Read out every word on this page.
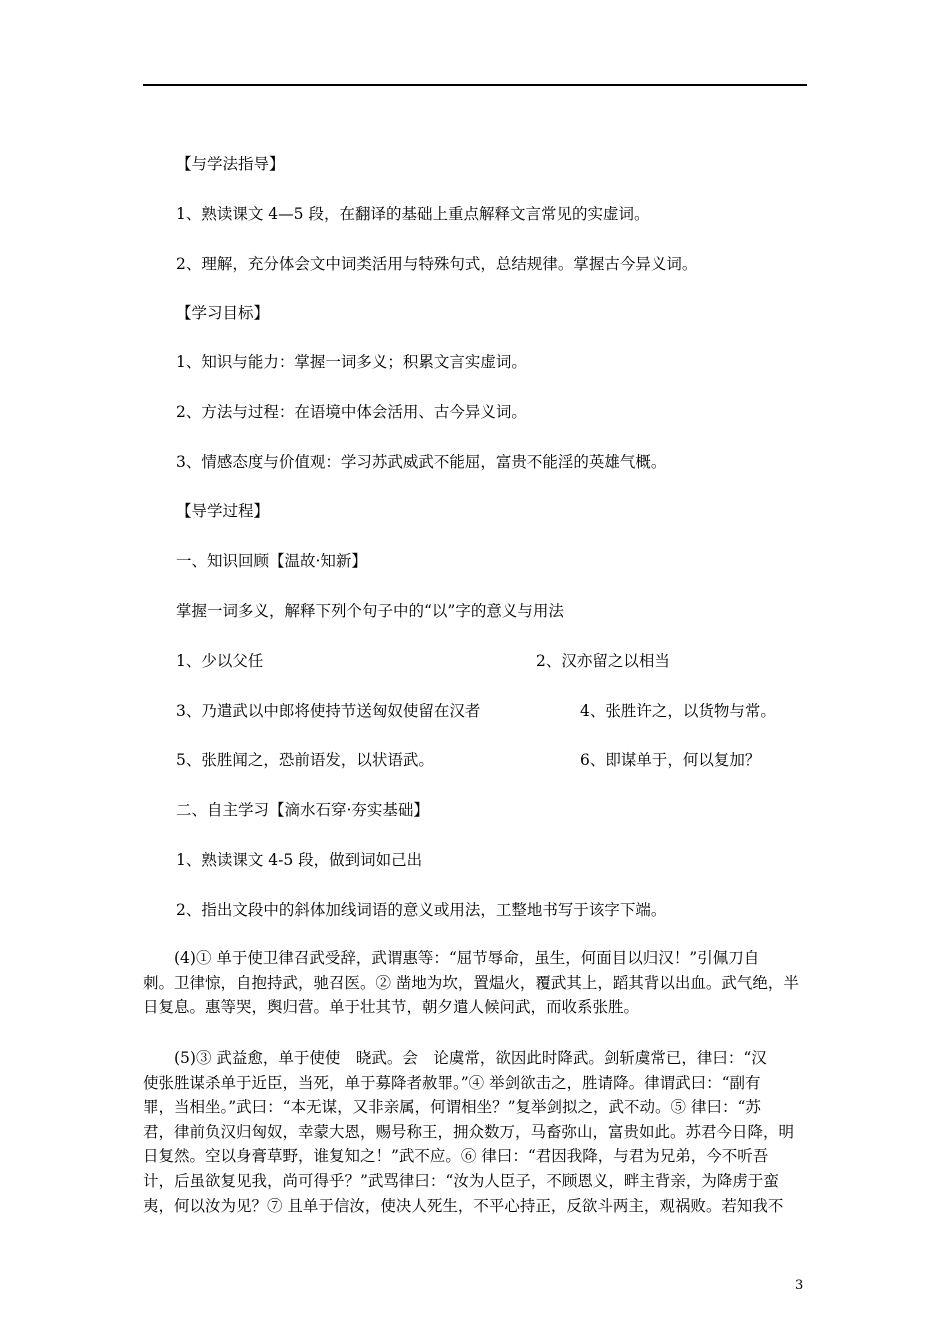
【与学法指导】
1、熟读课文 4—5 段，在翻译的基础上重点解释文言常见的实虚词。
2、理解，充分体会文中词类活用与特殊句式，总结规律。掌握古今异义词。
【学习目标】
1、知识与能力：掌握一词多义；积累文言实虚词。
2、方法与过程：在语境中体会活用、古今异义词。
3、情感态度与价值观：学习苏武威武不能屈，富贵不能淫的英雄气概。
【导学过程】
一、知识回顾【温故·知新】
掌握一词多义，解释下列个句子中的“以”字的意义与用法
1、少以父任	2、汉亦留之以相当
3、乃遣武以中郎将使持节送匈奴使留在汉者	4、张胜许之，以货物与常。
5、张胜闻之，恐前语发，以状语武。	6、即谋单于，何以复加？
二、自主学习【滴水石穿·夯实基础】
1、熟读课文 4-5 段，做到词如己出
2、指出文段中的斜体加线词语的意义或用法，工整地书写于该字下端。
　　(4)① 单于使卫律召武受辞，武谓惠等：“屈节辱命，虽生，何面目以归汉！”引佩刀自
刺。卫律惊，自抱持武，驰召医。② 凿地为坎，置煴火，覆武其上，蹈其背以出血。武气绝，半
日复息。惠等哭，舆归营。单于壮其节，朝夕遣人候问武，而收系张胜。
　　(5)③ 武益愈，单于使使　晓武。会　论虞常，欲因此时降武。剑斩虞常已，律曰：“汉
使张胜谋杀单于近臣，当死，单于募降者赦罪。”④ 举剑欲击之，胜请降。律谓武曰：“副有
罪，当相坐。”武曰：“本无谋，又非亲属，何谓相坐？”复举剑拟之，武不动。⑤ 律曰：“苏
君，律前负汉归匈奴，幸蒙大恩，赐号称王，拥众数万，马畜弥山，富贵如此。苏君今日降，明
日复然。空以身膏草野，谁复知之！”武不应。⑥ 律曰：“君因我降，与君为兄弟，今不听吾
计，后虽欲复见我，尚可得乎？”武骂律曰：“汝为人臣子，不顾恩义，畔主背亲，为降虏于蛮
夷，何以汝为见？⑦ 且单于信汝，使决人死生，不平心持正，反欲斗两主，观祸败。若知我不
3
